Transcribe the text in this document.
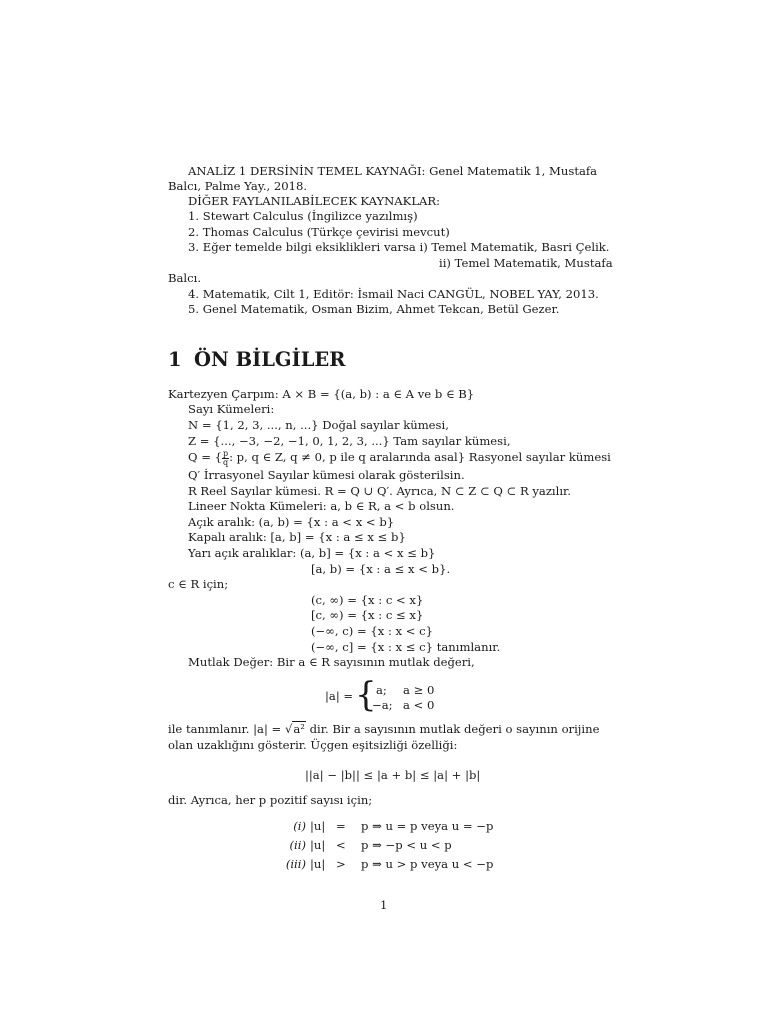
ANALİZ 1 DERSİNİN TEMEL KAYNAĞI: Genel Matematik 1, Mustafa
Balcı, Palme Yay., 2018.
DİĞER FAYLANILABİLECEK KAYNAKLAR:
1. Stewart Calculus (İngilizce yazılmış)
2. Thomas Calculus (Türkçe çevirisi mevcut)
3. Eğer temelde bilgi eksiklikleri varsa i) Temel Matematik, Basri Çelik.
ii) Temel Matematik, Mustafa
Balcı.
4. Matematik, Cilt 1, Editör: İsmail Naci CANGÜL, NOBEL YAY, 2013.
5. Genel Matematik, Osman Bizim, Ahmet Tekcan, Betül Gezer.
1 ÖN BİLGİLER
Kartezyen Çarpım: A × B = {(a, b) : a ∈ A ve b ∈ B}
Sayı Kümeleri:
N = {1, 2, 3, ..., n, ...} Doğal sayılar kümesi,
Z = {..., −3, −2, −1, 0, 1, 2, 3, ...} Tam sayılar kümesi,
Q = { $\frac{p}{q}$ : p, q ∈ Z, q ≠ 0, p ile q aralarında asal} Rasyonel sayılar kümesi
Q′ İrrasyonel Sayılar kümesi olarak gösterilsin.
R Reel Sayılar kümesi. R = Q ∪ Q′. Ayrıca, N ⊂ Z ⊂ Q ⊂ R yazılır.
Lineer Nokta Kümeleri: a, b ∈ R, a < b olsun.
Açık aralık: (a, b) = {x : a < x < b}
Kapalı aralık: [a, b] = {x : a ≤ x ≤ b}
Yarı açık aralıklar: (a, b] = {x : a < x ≤ b}
[a, b) = {x : a ≤ x < b}.
c ∈ R için;
(c, ∞) = {x : c < x}
[c, ∞) = {x : c ≤ x}
(−∞, c) = {x : x < c}
(−∞, c] = {x : x ≤ c} tanımlanır.
Mutlak Değer: Bir a ∈ R sayısının mutlak değeri,
|a| = { a; a ≥ 0
−a; a < 0
ile tanımlanır. |a| = √a² dir. Bir a sayısının mutlak değeri o sayının orijine
olan uzaklığını gösterir. Üçgen eşitsizliği özelliği:
||a| − |b|| ≤ |a + b| ≤ |a| + |b|
dir. Ayrıca, her p pozitif sayısı için;
(i) |u| = p ⇒ u = p veya u = −p
(ii) |u| < p ⇒ −p < u < p
(iii) |u| > p ⇒ u > p veya u < −p
1
